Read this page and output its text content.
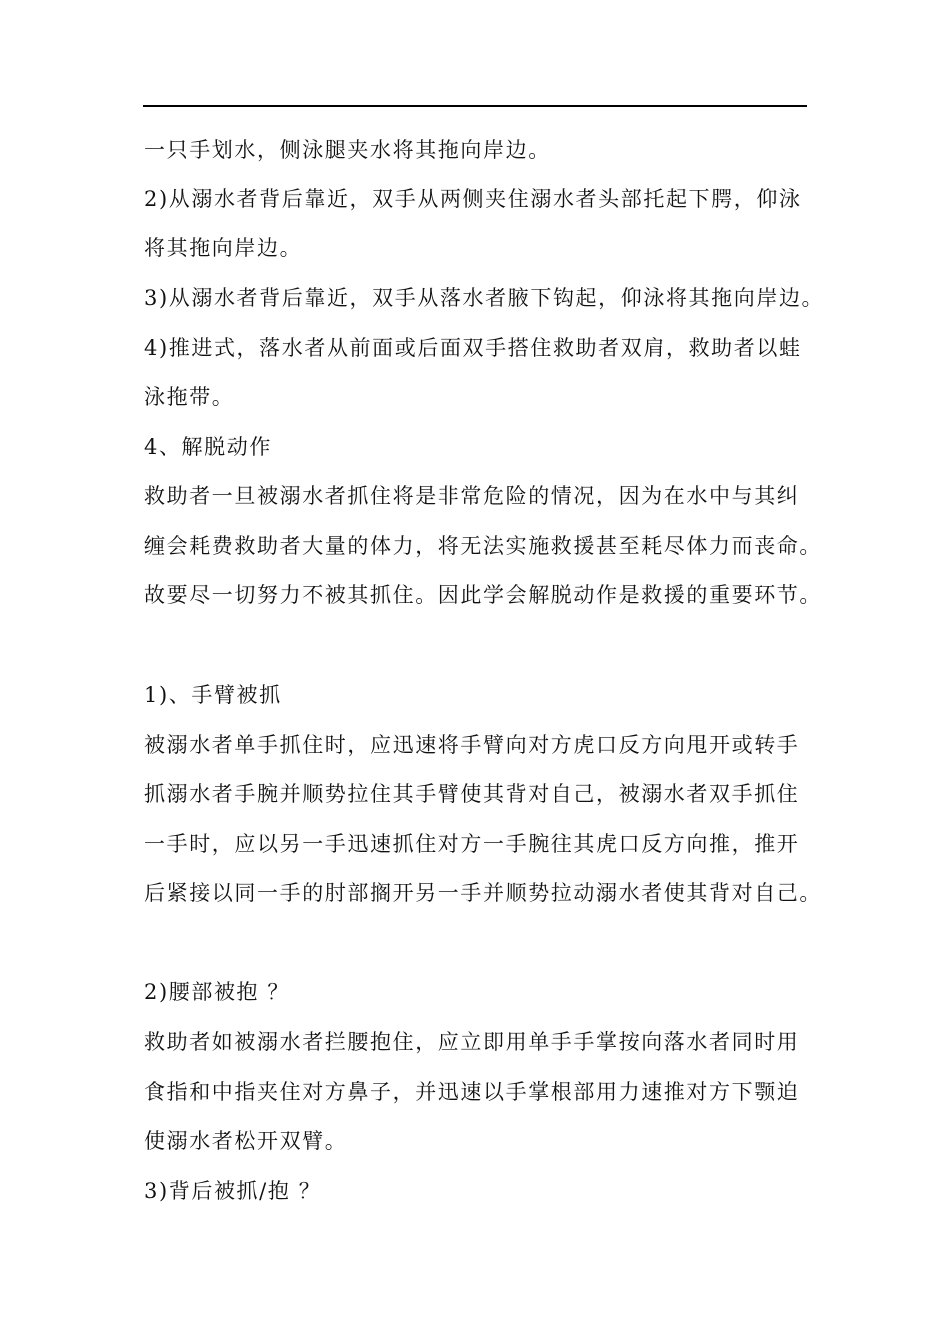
一只手划水，侧泳腿夹水将其拖向岸边。
2)从溺水者背后靠近，双手从两侧夹住溺水者头部托起下腭，仰泳
将其拖向岸边。
3)从溺水者背后靠近，双手从落水者腋下钩起，仰泳将其拖向岸边。
4)推进式，落水者从前面或后面双手搭住救助者双肩，救助者以蛙
泳拖带。
4、解脱动作
救助者一旦被溺水者抓住将是非常危险的情况，因为在水中与其纠
缠会耗费救助者大量的体力，将无法实施救援甚至耗尽体力而丧命。
故要尽一切努力不被其抓住。因此学会解脱动作是救援的重要环节。
1)、手臂被抓
被溺水者单手抓住时，应迅速将手臂向对方虎口反方向甩开或转手
抓溺水者手腕并顺势拉住其手臂使其背对自己，被溺水者双手抓住
一手时，应以另一手迅速抓住对方一手腕往其虎口反方向推，推开
后紧接以同一手的肘部搁开另一手并顺势拉动溺水者使其背对自己。
2)腰部被抱 ？
救助者如被溺水者拦腰抱住，应立即用单手手掌按向落水者同时用
食指和中指夹住对方鼻子，并迅速以手掌根部用力速推对方下颚迫
使溺水者松开双臂。
3)背后被抓/抱 ？
